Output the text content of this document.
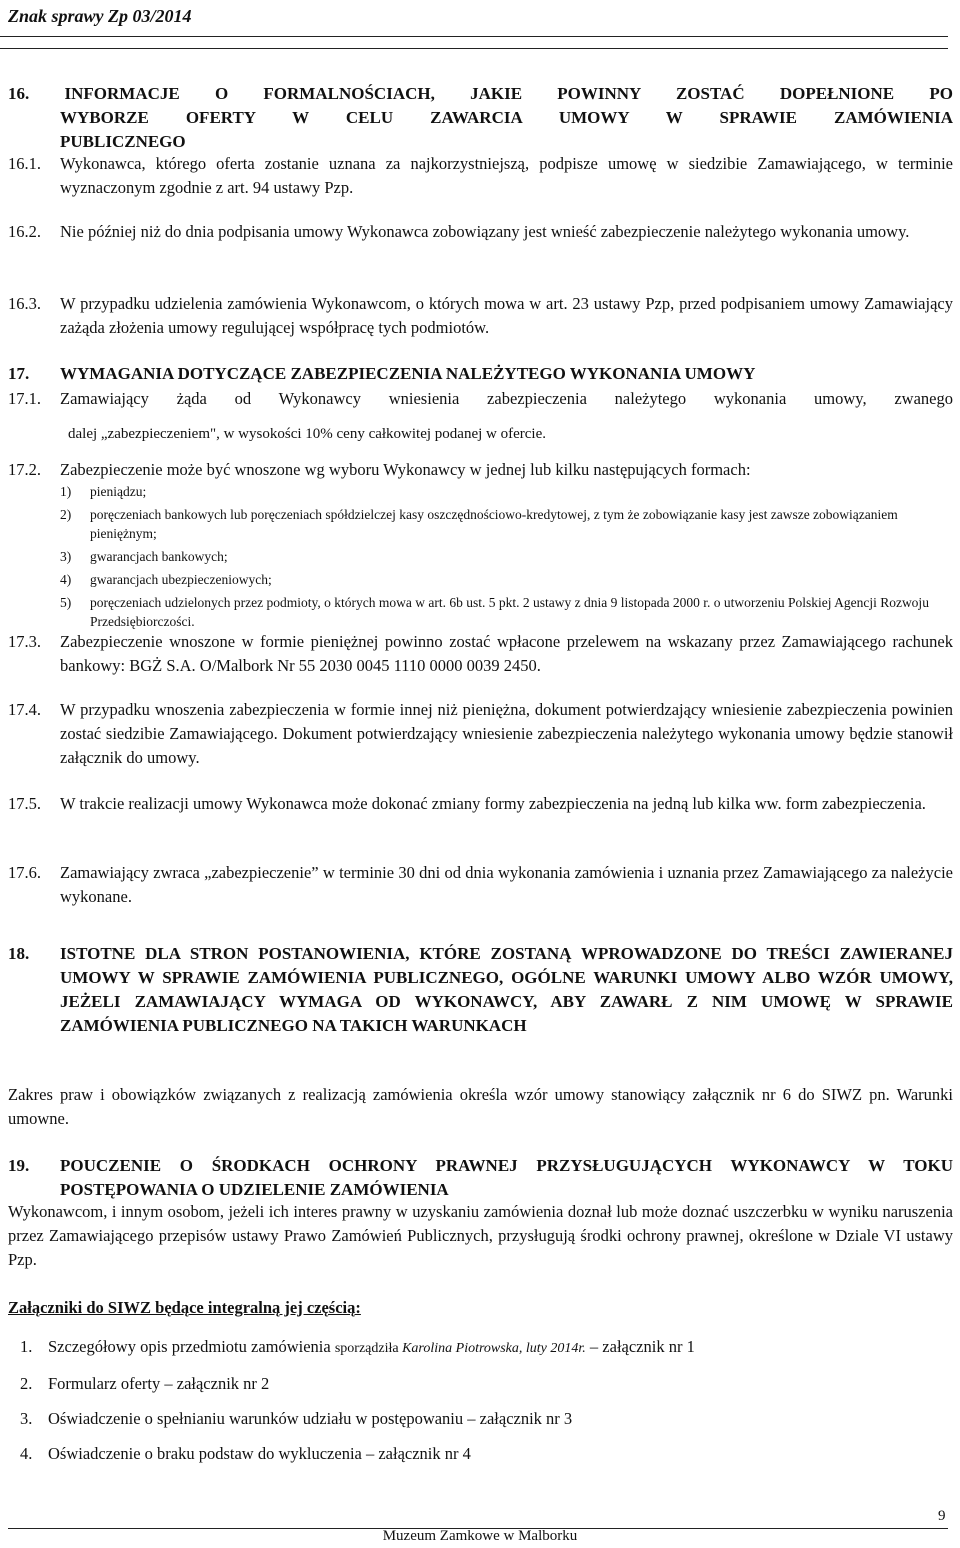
Znak sprawy Zp 03/2014
16. INFORMACJE O FORMALNOŚCIACH, JAKIE POWINNY ZOSTAĆ DOPEŁNIONE PO
WYBORZE OFERTY W CELU ZAWARCIA UMOWY W SPRAWIE ZAMÓWIENIA
PUBLICZNEGO
16.1. Wykonawca, którego oferta zostanie uznana za najkorzystniejszą, podpisze umowę w siedzibie Zamawiającego, w terminie wyznaczonym zgodnie z art. 94 ustawy Pzp.
16.2. Nie później niż do dnia podpisania umowy Wykonawca zobowiązany jest wnieść zabezpieczenie należytego wykonania umowy.
16.3. W przypadku udzielenia zamówienia Wykonawcom, o których mowa w art. 23 ustawy Pzp, przed podpisaniem umowy Zamawiający zażąda złożenia umowy regulującej współpracę tych podmiotów.
17. WYMAGANIA DOTYCZĄCE ZABEZPIECZENIA NALEŻYTEGO WYKONANIA UMOWY
17.1. Zamawiający żąda od Wykonawcy wniesienia zabezpieczenia należytego wykonania umowy, zwanego
dalej „zabezpieczeniem", w wysokości 10% ceny całkowitej podanej w ofercie.
17.2. Zabezpieczenie może być wnoszone wg wyboru Wykonawcy w jednej lub kilku następujących formach:
1)	pieniądzu;
2)	poręczeniach bankowych lub poręczeniach spółdzielczej kasy oszczędnościowo-kredytowej, z tym że zobowiązanie kasy jest zawsze zobowiązaniem pieniężnym;
3)	gwarancjach bankowych;
4)	gwarancjach ubezpieczeniowych;
5)	poręczeniach udzielonych przez podmioty, o których mowa w art. 6b ust. 5 pkt. 2 ustawy z dnia 9 listopada 2000 r. o utworzeniu Polskiej Agencji Rozwoju Przedsiębiorczości.
17.3. Zabezpieczenie wnoszone w formie pieniężnej powinno zostać wpłacone przelewem na wskazany przez Zamawiającego rachunek bankowy: BGŻ S.A. O/Malbork Nr 55 2030 0045 1110 0000 0039 2450.
17.4. W przypadku wnoszenia zabezpieczenia w formie innej niż pieniężna, dokument potwierdzający wniesienie zabezpieczenia powinien zostać siedzibie Zamawiającego. Dokument potwierdzający wniesienie zabezpieczenia należytego wykonania umowy będzie stanowił załącznik do umowy.
17.5. W trakcie realizacji umowy Wykonawca może dokonać zmiany formy zabezpieczenia na jedną lub kilka ww. form zabezpieczenia.
17.6. Zamawiający zwraca „zabezpieczenie” w terminie 30 dni od dnia wykonania zamówienia i uznania przez Zamawiającego za należycie wykonane.
18. ISTOTNE DLA STRON POSTANOWIENIA, KTÓRE ZOSTANĄ WPROWADZONE DO TREŚCI ZAWIERANEJ UMOWY W SPRAWIE ZAMÓWIENIA PUBLICZNEGO, OGÓLNE WARUNKI UMOWY ALBO WZÓR UMOWY, JEŻELI ZAMAWIAJĄCY WYMAGA OD WYKONAWCY, ABY ZAWARŁ Z NIM UMOWĘ W SPRAWIE ZAMÓWIENIA PUBLICZNEGO NA TAKICH WARUNKACH
Zakres praw i obowiązków związanych z realizacją zamówienia określa wzór umowy stanowiący załącznik nr 6 do SIWZ pn. Warunki umowne.
19. POUCZENIE O ŚRODKACH OCHRONY PRAWNEJ PRZYSŁUGUJĄCYCH WYKONAWCY W TOKU POSTĘPOWANIA O UDZIELENIE ZAMÓWIENIA
Wykonawcom, i innym osobom, jeżeli ich interes prawny w uzyskaniu zamówienia doznał lub może doznać uszczerbku w wyniku naruszenia przez Zamawiającego przepisów ustawy Prawo Zamówień Publicznych, przysługują środki ochrony prawnej, określone w Dziale VI ustawy Pzp.
Załączniki do SIWZ będące integralną jej częścią:
1. Szczegółowy opis przedmiotu zamówienia sporządziła Karolina Piotrowska, luty 2014r. – załącznik nr 1
2. Formularz oferty – załącznik nr 2
3. Oświadczenie o spełnianiu warunków udziału w postępowaniu – załącznik nr 3
4. Oświadczenie o braku podstaw do wykluczenia – załącznik nr 4
9
Muzeum Zamkowe w Malborku
